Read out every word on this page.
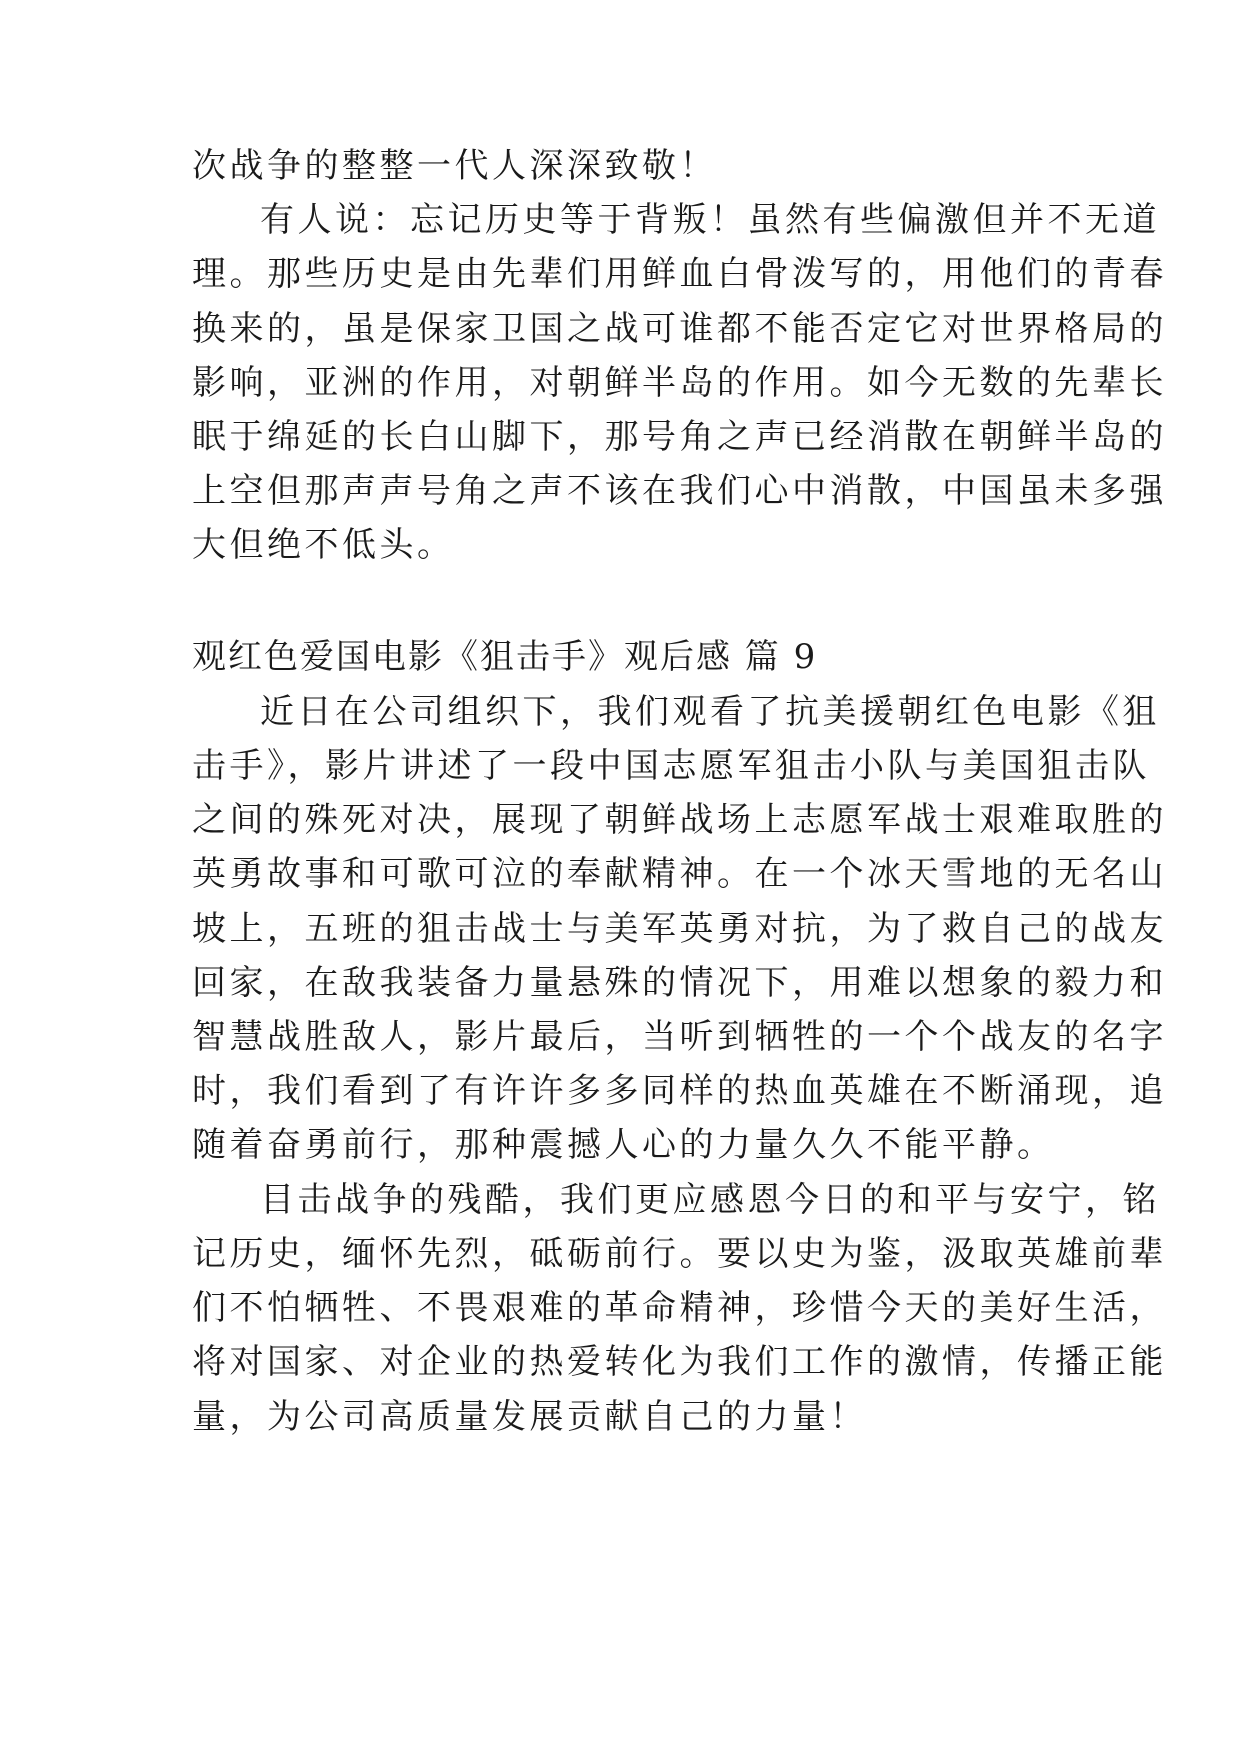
次战争的整整一代人深深致敬！
有人说：忘记历史等于背叛！虽然有些偏激但并不无道
理。那些历史是由先辈们用鲜血白骨泼写的，用他们的青春
换来的，虽是保家卫国之战可谁都不能否定它对世界格局的
影响，亚洲的作用，对朝鲜半岛的作用。如今无数的先辈长
眠于绵延的长白山脚下，那号角之声已经消散在朝鲜半岛的
上空但那声声号角之声不该在我们心中消散，中国虽未多强
大但绝不低头。
观红色爱国电影《狙击手》观后感 篇 9
近日在公司组织下，我们观看了抗美援朝红色电影《狙
击手》，影片讲述了一段中国志愿军狙击小队与美国狙击队
之间的殊死对决，展现了朝鲜战场上志愿军战士艰难取胜的
英勇故事和可歌可泣的奉献精神。在一个冰天雪地的无名山
坡上，五班的狙击战士与美军英勇对抗，为了救自己的战友
回家，在敌我装备力量悬殊的情况下，用难以想象的毅力和
智慧战胜敌人，影片最后，当听到牺牲的一个个战友的名字
时，我们看到了有许许多多同样的热血英雄在不断涌现，追
随着奋勇前行，那种震撼人心的力量久久不能平静。
目击战争的残酷，我们更应感恩今日的和平与安宁，铭
记历史，缅怀先烈，砥砺前行。要以史为鉴，汲取英雄前辈
们不怕牺牲、不畏艰难的革命精神，珍惜今天的美好生活，
将对国家、对企业的热爱转化为我们工作的激情，传播正能
量，为公司高质量发展贡献自己的力量！
